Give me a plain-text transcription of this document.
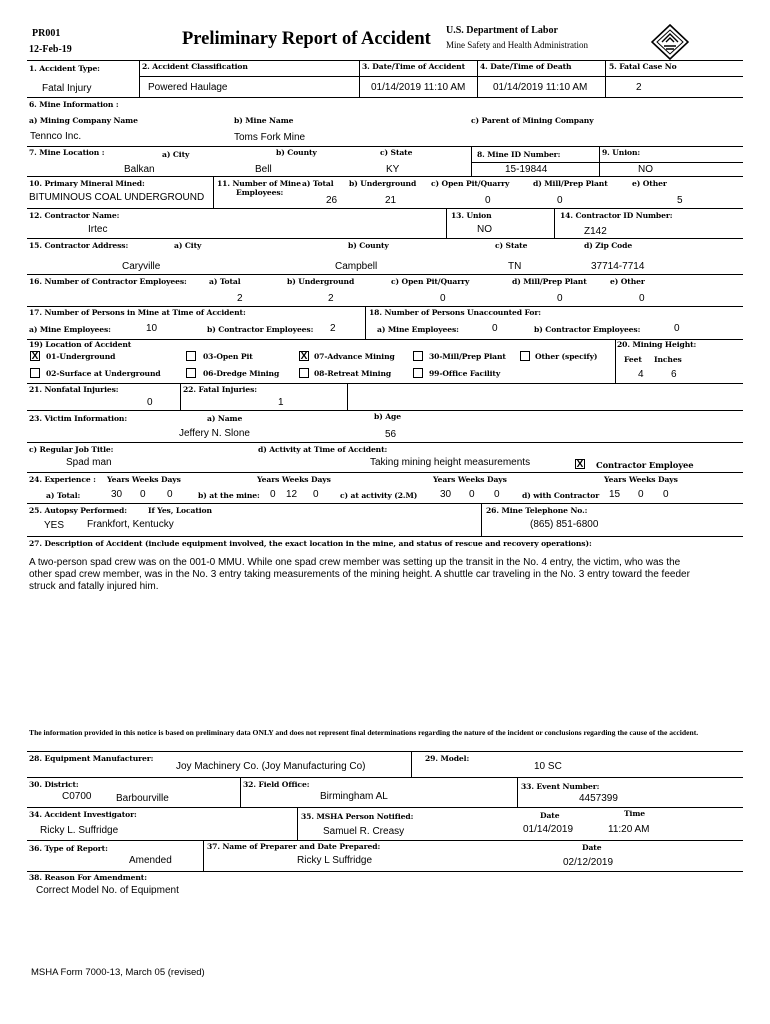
PR001
12-Feb-19
Preliminary Report of Accident U.S. Department of Labor
Mine Safety and Health Administration
1. Accident Type:	2. Accident Classification	3. Date/Time of Accident 4. Date/Time of Death	5. Fatal Case No
Fatal Injury	Powered Haulage	01/14/2019 11:10 AM	01/14/2019 11:10 AM	2
6. Mine Information :
a) Mining Company Name	b) Mine Name	c) Parent of Mining Company
Tennco Inc.	Toms Fork Mine
7. Mine Location :	a) City	b) County	c) State	8. Mine ID Number:	9. Union:
Balkan	Bell	KY	15-19844	NO
10. Primary Mineral Mined:	11. Number of Mine
Employees:
a) Total b) Underground c) Open Pit/Quarry	d) Mill/Prep Plant	e) Other
BITUMINOUS COAL UNDERGROUND	26	21	0	0	5
12. Contractor Name:	13. Union	14. Contractor ID Number:
Irtec	NO	Z142
15. Contractor Address:	a) City	b) County	c) State	d) Zip Code
Caryville	Campbell	TN	37714-7714
16. Number of Contractor Employees:	a) Total	b) Underground	c) Open Pit/Quarry	d) Mill/Prep Plant	e) Other
2	2	0	0	0
17. Number of Persons in Mine at Time of Accident:	18. Number of Persons Unaccounted For:
a) Mine Employees:	10	b) Contractor Employees: 2	a) Mine Employees:	0	b) Contractor Employees:	0
19) Location of Accident
X 01-Underground
02-Surface at Underground
03-Open Pit
06-Dredge Mining
X 07-Advance Mining
08-Retreat Mining
30-Mill/Prep Plant
99-Office Facility
Other (specify)
20. Mining Height:
Feet Inches
4	6
21. Nonfatal Injuries:	22. Fatal Injuries:
0	1
23. Victim Information:	a) Name	b) Age
Jeffery N. Slone	56
c) Regular Job Title:	d) Activity at Time of Accident:
Spad man	Taking mining height measurements	X Contractor Employee
24. Experience : Years Weeks Days	Years Weeks Days	Years Weeks Days	Years Weeks Days
a) Total:	30 0 0	b) at the mine: 0 12 0	c) at activity (2.M) 30 0 0	d) with Contractor 15 0 0
25. Autopsy Performed:	If Yes, Location	26. Mine Telephone No.:
YES Frankfort, Kentucky	(865) 851-6800
27. Description of Accident (include equipment involved, the exact location in the mine, and status of rescue and recovery operations):
A two-person spad crew was on the 001-0 MMU. While one spad crew member was setting up the transit in the No. 4 entry, the victim, who was the other spad crew member, was in the No. 3 entry taking measurements of the mining height. A shuttle car traveling in the No. 3 entry toward the feeder struck and fatally injured him.
The information provided in this notice is based on preliminary data ONLY and does not represent final determinations regarding the nature of the incident or conclusions regarding the cause of the accident.
28. Equipment Manufacturer:	29. Model:
Joy Machinery Co. (Joy Manufacturing Co)	10 SC
30. District:	32. Field Office:	33. Event Number:
C0700 Barbourville	Birmingham AL	4457399
34. Accident Investigator:	35. MSHA Person Notified:	Date	Time
Ricky L. Suffridge	Samuel R. Creasy	01/14/2019	11:20 AM
36. Type of Report:	37. Name of Preparer and Date Prepared:	Date
Amended	Ricky L Suffridge	02/12/2019
38. Reason For Amendment:
Correct Model No. of Equipment
MSHA Form 7000-13, March 05 (revised)
